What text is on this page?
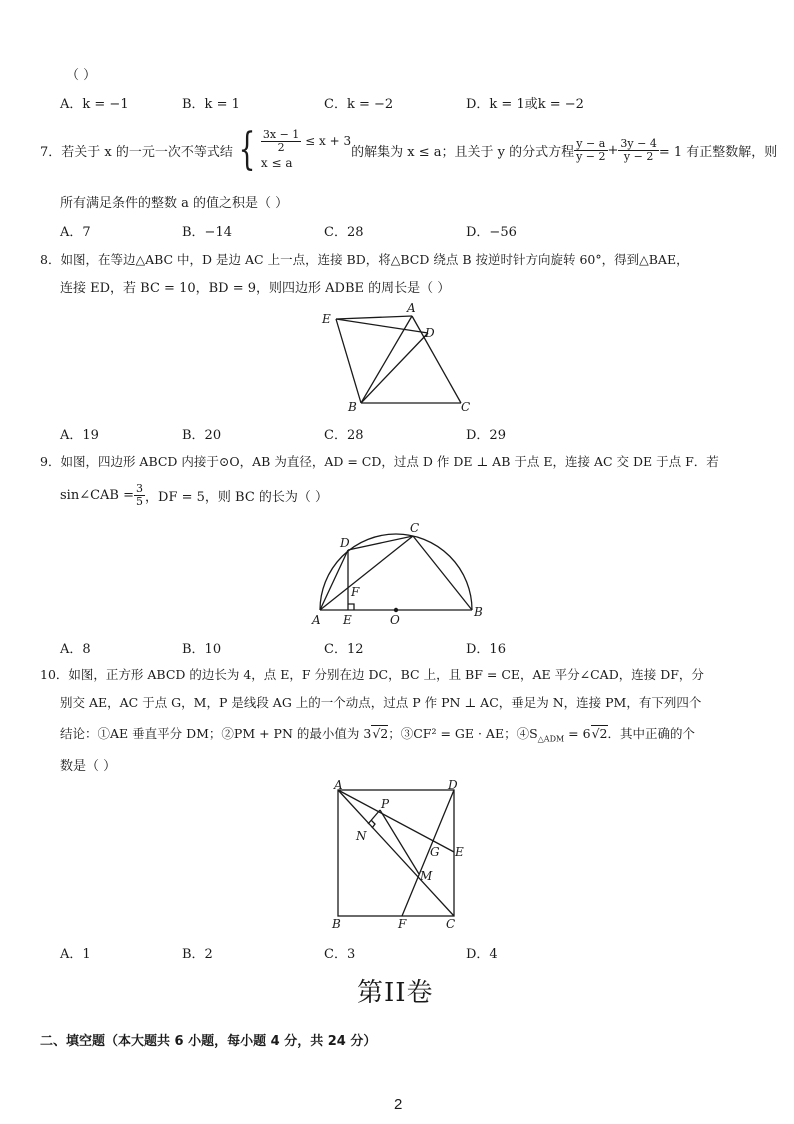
（ ）
A．k = −1	B．k = 1	C．k = −2	D．k = 1或k = −2
7．若关于 x 的一元一次不等式结 { $\frac{3x - 1}{2} \le x + 3$
x ≤ a
的解集为 x ≤ a；且关于 y 的分式方程 $\frac{y - a}{y - 2} + \frac{3y - 4}{y - 2} = 1$ 有正整数解，则
所有满足条件的整数 a 的值之积是（ ）
A．7	B．−14	C．28	D．−56
8．如图，在等边△ABC 中，D 是边 AC 上一点，连接 BD，将△BCD 绕点 B 按逆时针方向旋转 60°，得到△BAE，
连接 ED，若 BC = 10，BD = 9，则四边形 ADBE 的周长是（ ）
E
A
D
B	C
A．19	B．20	C．28	D．29
9．如图，四边形 ABCD 内接于⊙O，AB 为直径，AD = CD，过点 D 作 DE ⊥ AB 于点 E，连接 AC 交 DE 于点 F．若
sin∠CAB = $\frac{3}{5}$ ，DF = 5，则 BC 的长为（ ）
D
C
F
A E	O
B
A．8	B．10	C．12	D．16
10．如图，正方形 ABCD 的边长为 4，点 E，F 分别在边 DC，BC 上，且 BF = CE，AE 平分∠CAD，连接 DF，分
别交 AE，AC 于点 G，M，P 是线段 AG 上的一个动点，过点 P 作 PN ⊥ AC，垂足为 N，连接 PM，有下列四个
结论：①AE 垂直平分 DM；②PM + PN 的最小值为 3√2；③CF² = GE · AE；$④S_{\triangle ADM} = 6√2$．其中正确的个
数是（ ）
A	D
P
N
G E
M
B	F	C
A．1	B．2	C．3	D．4
第II卷
二、填空题（本大题共 6 小题，每小题 4 分，共 24 分）
2
